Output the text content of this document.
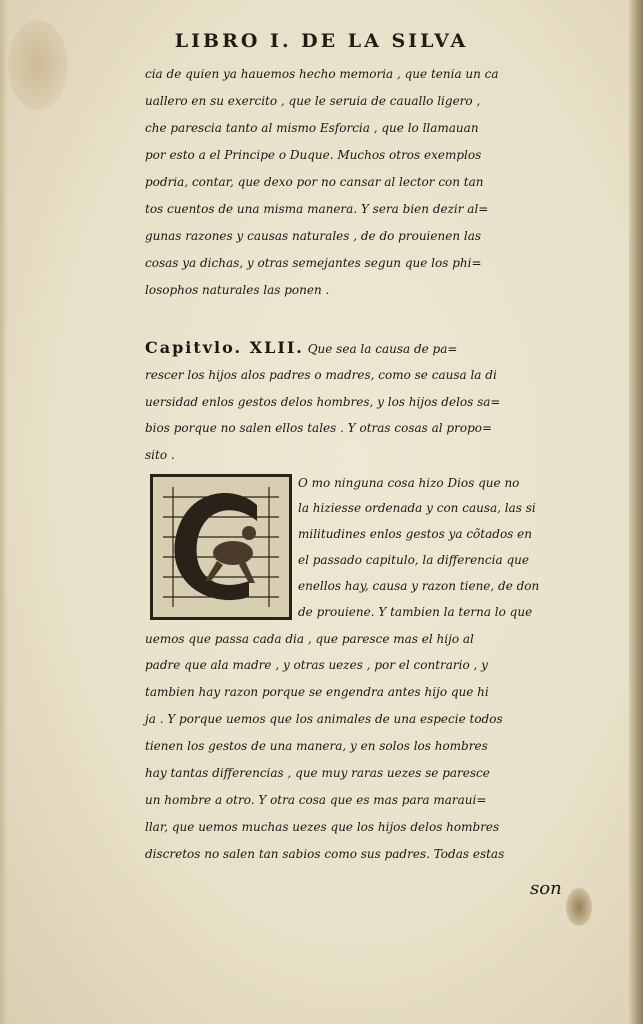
LIBRO I. DE LA SILVA
cia de quien ya hauemos hecho memoria , que tenia un ca
uallero en su exercito , que le seruia de cauallo ligero ,
che parescia tanto al mismo Esforcia , que lo llamauan
por esto a el Principe o Duque. Muchos otros exemplos
podria, contar, que dexo por no cansar al lector con tan
tos cuentos de una misma manera. Y sera bien dezir al=
gunas razones y causas naturales , de do prouienen las
cosas ya dichas, y otras semejantes segun que los phi=
losophos naturales las ponen .
Capitvlo. XLII. Que sea la causa de pa=
rescer los hijos alos padres o madres, como se causa la di
uersidad enlos gestos delos hombres, y los hijos delos sa=
bios porque no salen ellos tales . Y otras cosas al propo=
sito .
O mo ninguna cosa hizo Dios que no
la hiziesse ordenada y con causa, las si
militudines enlos gestos ya cõtados en
el passado capitulo, la differencia que
enellos hay, causa y razon tiene, de don
de prouiene. Y tambien la terna lo que
uemos que passa cada dia , que paresce mas el hijo al
padre que ala madre , y otras uezes , por el contrario , y
tambien hay razon porque se engendra antes hijo que hi
ja . Y porque uemos que los animales de una especie todos
tienen los gestos de una manera, y en solos los hombres
hay tantas differencias , que muy raras uezes se paresce
un hombre a otro. Y otra cosa que es mas para maraui=
llar, que uemos muchas uezes que los hijos delos hombres
discretos no salen tan sabios como sus padres. Todas estas
son
